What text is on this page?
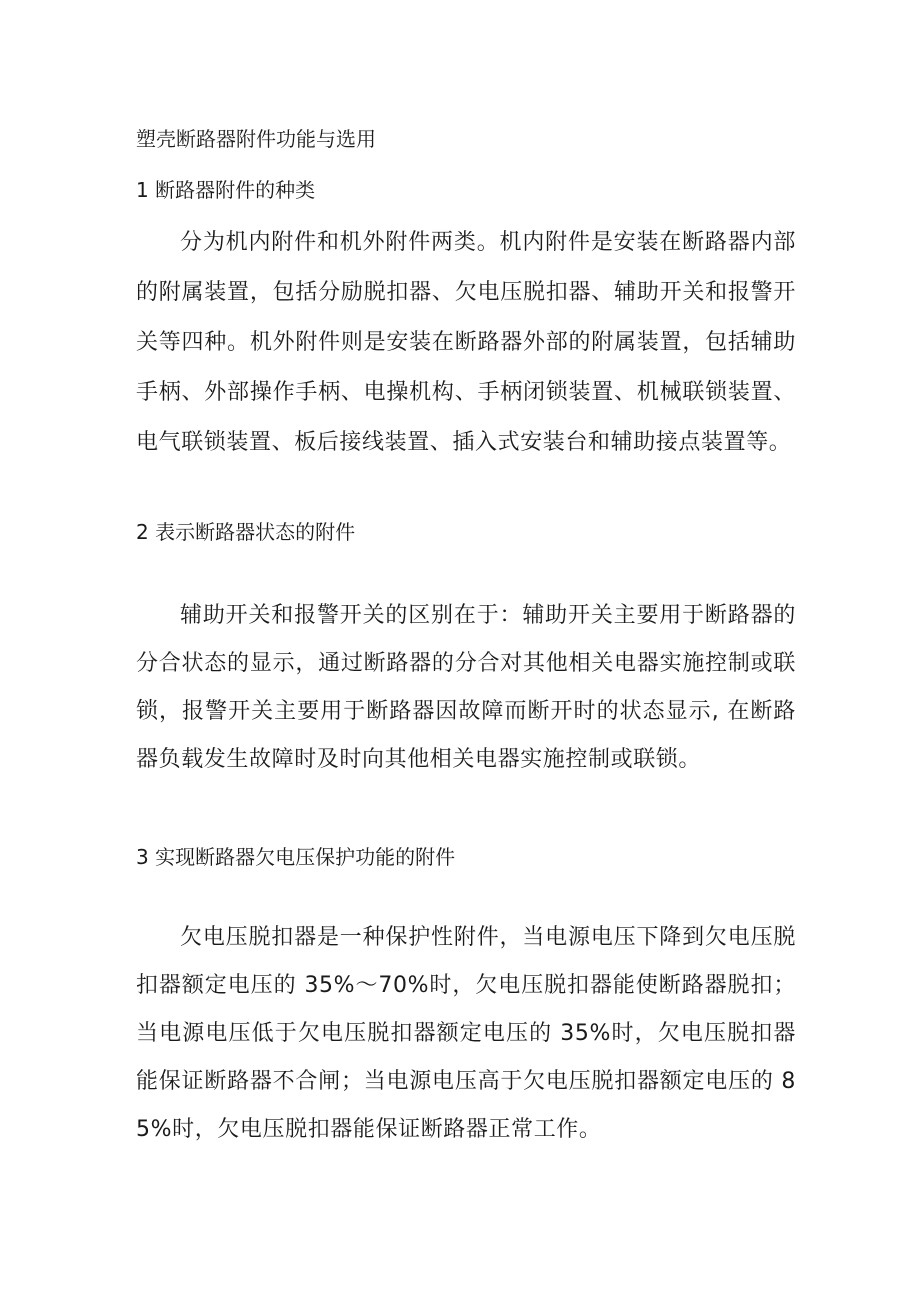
塑壳断路器附件功能与选用
1 断路器附件的种类

分为机内附件和机外附件两类。机内附件是安装在断路器内部的附属装置，包括分励脱扣器、欠电压脱扣器、辅助开关和报警开关等四种。机外附件则是安装在断路器外部的附属装置，包括辅助手柄、外部操作手柄、电操机构、手柄闭锁装置、机械联锁装置、电气联锁装置、板后接线装置、插入式安装台和辅助接点装置等。

2 表示断路器状态的附件

辅助开关和报警开关的区别在于：辅助开关主要用于断路器的分合状态的显示，通过断路器的分合对其他相关电器实施控制或联锁，报警开关主要用于断路器因故障而断开时的状态显示, 在断路器负载发生故障时及时向其他相关电器实施控制或联锁。

3 实现断路器欠电压保护功能的附件

欠电压脱扣器是一种保护性附件，当电源电压下降到欠电压脱扣器额定电压的 35%～70%时，欠电压脱扣器能使断路器脱扣；当电源电压低于欠电压脱扣器额定电压的 35%时，欠电压脱扣器能保证断路器不合闸；当电源电压高于欠电压脱扣器额定电压的 85%时，欠电压脱扣器能保证断路器正常工作。
